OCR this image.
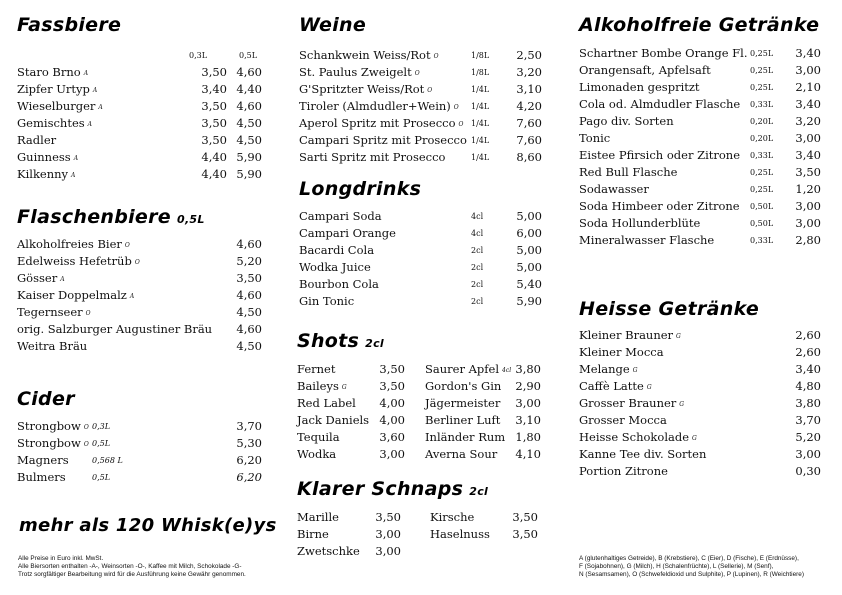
Fassbiere
0,3L	0,5L
Staro Brno A	3,50 4,60
Zipfer Urtyp A	3,40 4,40
Wieselburger A	3,50 4,60
Gemischtes A	3,50 4,50
Radler	3,50 4,50
Guinness A	4,40 5,90
Kilkenny A	4,40 5,90
Flaschenbiere 0,5L
Alkoholfreies Bier O	4,60
Edelweiss Hefetrüb O	5,20
Gösser A	3,50
Kaiser Doppelmalz A	4,60
Tegernseer O	4,50
orig. Salzburger Augustiner Bräu	4,60
Weitra Bräu	4,50
Cider
Strongbow O 0,3L	3,70
Strongbow O 0,5L	5,30
Magners	0,568 L	6,20
Bulmers	0,5L	6,20
mehr als 120 Whisk(e)ys
Alle Preise in Euro inkl. MwSt.
Alle Biersorten enthalten -A-, Weinsorten -O-, Kaffee mit Milch, Schokolade -G-
Trotz sorgfältiger Bearbeitung wird für die Ausführung keine Gewähr genommen.
Weine
Schankwein Weiss/Rot O	1/8L	2,50
St. Paulus Zweigelt O	1/8L	3,20
G'Spritzter Weiss/Rot O	1/4L	3,10
Tiroler (Almdudler+Wein) O 1/4L	4,20
Aperol Spritz mit Prosecco O 1/4L	7,60
Campari Spritz mit Prosecco 1/4L	7,60
Sarti Spritz mit Prosecco	1/4L	8,60
Longdrinks
Campari Soda	4cl	5,00
Campari Orange	4cl	6,00
Bacardi Cola	2cl	5,00
Wodka Juice	2cl	5,00
Bourbon Cola	2cl	5,40
Gin Tonic	2cl	5,90
Shots 2cl
Fernet	3,50
Baileys G	3,50
Red Label	4,00
Jack Daniels 4,00
Tequila	3,60
Wodka	3,00
Saurer Apfel 4cl 3,80
Gordon's Gin	2,90
Jägermeister	3,00
Berliner Luft	3,10
Inländer Rum 1,80
Averna Sour	4,10
Klarer Schnaps 2cl
Marille	3,50
Birne	3,00
Zwetschke	3,00
Kirsche	3,50
Haselnuss	3,50
Alkoholfreie Getränke
Schartner Bombe Orange Fl. 0,25L	3,40
Orangensaft, Apfelsaft	0,25L	3,00
Limonaden gespritzt	0,25L	2,10
Cola od. Almdudler Flasche 0,33L	3,40
Pago div. Sorten	0,20L	3,20
Tonic	0,20L	3,00
Eistee Pfirsich oder Zitrone 0,33L	3,40
Red Bull Flasche	0,25L	3,50
Sodawasser	0,25L	1,20
Soda Himbeer oder Zitrone 0,50L	3,00
Soda Hollunderblüte	0,50L	3,00
Mineralwasser Flasche	0,33L	2,80
Heisse Getränke
Kleiner Brauner G	2,60
Kleiner Mocca	2,60
Melange G	3,40
Caffè Latte G	4,80
Grosser Brauner G	3,80
Grosser Mocca	3,70
Heisse Schokolade G	5,20
Kanne Tee div. Sorten	3,00
Portion Zitrone	0,30
A (glutenhaltiges Getreide), B (Krebstiere), C (Eier), D (Fische), E (Erdnüsse),
F (Sojabohnen), G (Milch), H (Schalenfrüchte), L (Sellerie), M (Senf),
N (Sesamsamen), O (Schwefeldioxid und Sulphite), P (Lupinen), R (Weichtiere)
